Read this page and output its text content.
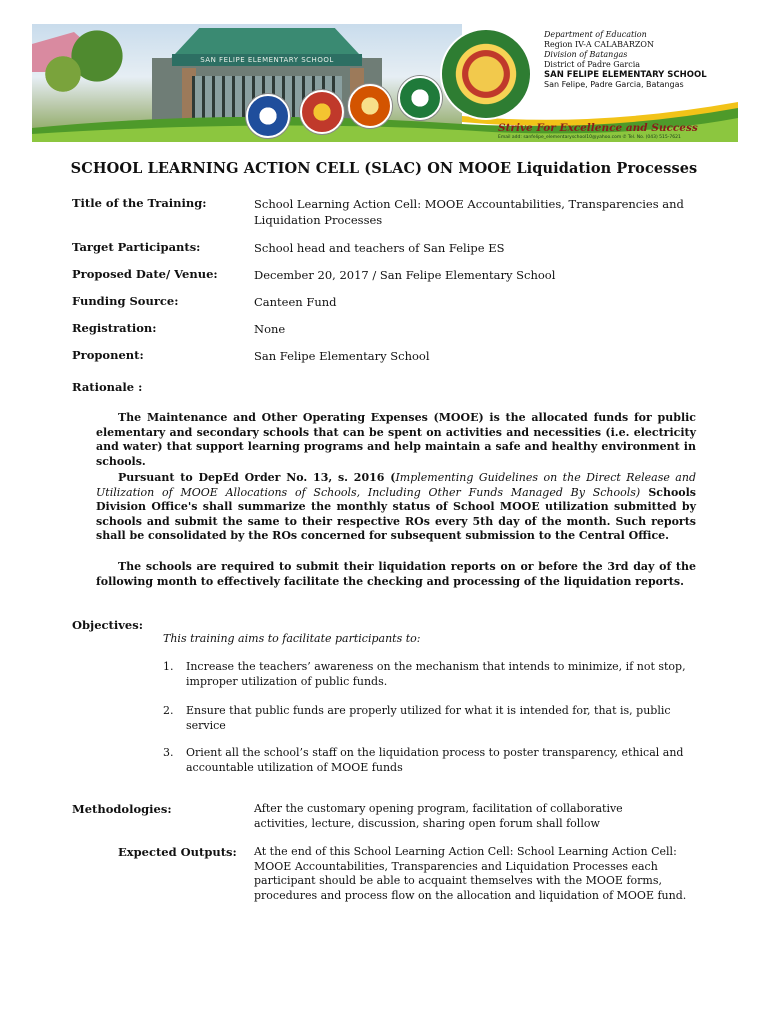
SAN FELIPE ELEMENTARY SCHOOL
Department of Education
Region IV-A CALABARZON
Division of Batangas
District of Padre Garcia
SAN FELIPE ELEMENTARY SCHOOL
San Felipe, Padre Garcia, Batangas
Strive For Excellence and Success
Email add: sanfelipe_elementaryschool10@yahoo.com ✆ Tel. No. (043) 515-7621
SCHOOL LEARNING ACTION CELL (SLAC) ON MOOE Liquidation Processes
Title of the Training:	School Learning Action Cell: MOOE Accountabilities, Transparencies and Liquidation Processes
Target Participants:	School head and teachers of San Felipe ES
Proposed Date/ Venue:	December 20, 2017 / San Felipe Elementary School
Funding Source:	Canteen Fund
Registration:	None
Proponent:	San Felipe Elementary School
Rationale :
The Maintenance and Other Operating Expenses (MOOE) is the allocated funds for public elementary and secondary schools that can be spent on activities and necessities (i.e. electricity and water) that support learning programs and help maintain a safe and healthy environment in schools.
Pursuant to DepEd Order No. 13, s. 2016 (Implementing Guidelines on the Direct Release and Utilization of MOOE Allocations of Schools, Including Other Funds Managed By Schools) Schools Division Office's shall summarize the monthly status of School MOOE utilization submitted by schools and submit the same to their respective ROs every 5th day of the month. Such reports shall be consolidated by the ROs concerned for subsequent submission to the Central Office.
The schools are required to submit their liquidation reports on or before the 3rd day of the following month to effectively facilitate the checking and processing of the liquidation reports.
Objectives:
This training aims to facilitate participants to:
1.	Increase the teachers’ awareness on the mechanism that intends to minimize, if not stop, improper utilization of public funds.
2.	Ensure that public funds are properly utilized for what it is intended for, that is, public service
3.	Orient all the school’s staff on the liquidation process to poster transparency, ethical and accountable utilization of MOOE funds
Methodologies:	After the customary opening program, facilitation of collaborative activities, lecture, discussion, sharing open forum shall follow
Expected Outputs: At the end of this School Learning Action Cell: School Learning Action Cell: MOOE Accountabilities, Transparencies and Liquidation Processes each participant should be able to acquaint themselves with the MOOE forms, procedures and process flow on the allocation and liquidation of MOOE fund.
